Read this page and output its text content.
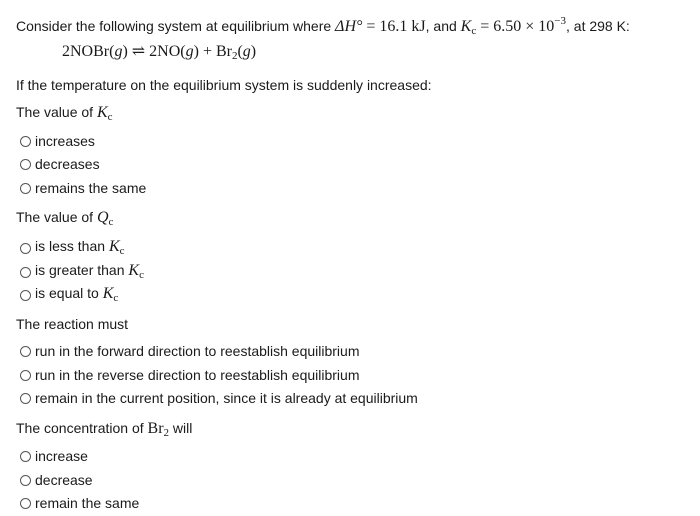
Consider the following system at equilibrium where ΔH° = 16.1 kJ, and $K_c = 6.50 \times 10^{-3}$, at 298 K:
2NOBr(g) ⇌ $2NO(g) + Br_2(g)$
If the temperature on the equilibrium system is suddenly increased:
The value of $K_c$
increases
decreases
remains the same
The value of $Q_c$
is less than $K_c$
is greater than $K_c$
is equal to $K_c$
The reaction must
run in the forward direction to reestablish equilibrium
run in the reverse direction to reestablish equilibrium
remain in the current position, since it is already at equilibrium
The concentration of $Br_2$ will
increase
decrease
remain the same
